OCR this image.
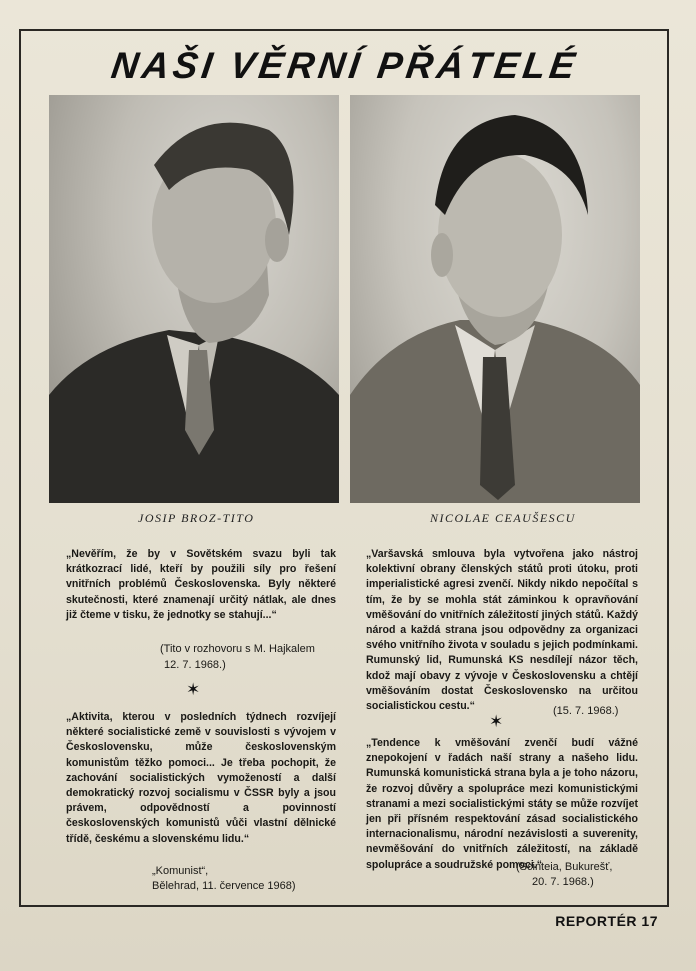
NAŠI VĚRNÍ PŘÁTELÉ
JOSIP BROZ-TITO	NICOLAE CEAUŠESCU
„Nevěřím, že by v Sovětském svazu byli tak krátkozrací lidé, kteří by použili síly pro řešení vnitřních problémů Československa. Byly některé skutečnosti, které znamenají určitý nátlak, ale dnes již čteme v tisku, že jednotky se stahují...“
(Tito v rozhovoru s M. Hajkalem
12. 7. 1968.)
✶
„Aktivita, kterou v posledních týdnech rozvíjejí některé socialistické země v souvislosti s vývojem v Československu, může československým komunistům těžko pomoci... Je třeba pochopit, že zachování socialistických vymožeností a další demokratický rozvoj socialismu v ČSSR byly a jsou právem, odpovědností a povinností československých komunistů vůči vlastní dělnické třídě, českému a slovenskému lidu.“
„Komunist“,
Bělehrad, 11. července 1968)
„Varšavská smlouva byla vytvořena jako nástroj kolektivní obrany členských států proti útoku, proti imperialistické agresi zvenčí. Nikdy nikdo nepočítal s tím, že by se mohla stát záminkou k opravňování vměšování do vnitřních záležitostí jiných států. Každý národ a každá strana jsou odpovědny za organizaci svého vnitřního života v souladu s jejich podmínkami. Rumunský lid, Rumunská KS nesdílejí názor těch, kdož mají obavy z vývoje v Československu a chtějí vměšováním dostat Československo na určitou socialistickou cestu.“	(15. 7. 1968.)
✶
„Tendence k vměšování zvenčí budí vážné znepokojení v řadách naší strany a našeho lidu. Rumunská komunistická strana byla a je toho názoru, že rozvoj důvěry a spolupráce mezi komunistickými stranami a mezi socialistickými státy se může rozvíjet jen při přísném respektování zásad socialistického internacionalismu, národní nezávislosti a suverenity, nevměšování do vnitřních záležitostí, na základě spolupráce a soudružské pomoci.“
(Scinteia, Bukurešť,
20. 7. 1968.)
REPORTÉR 17
